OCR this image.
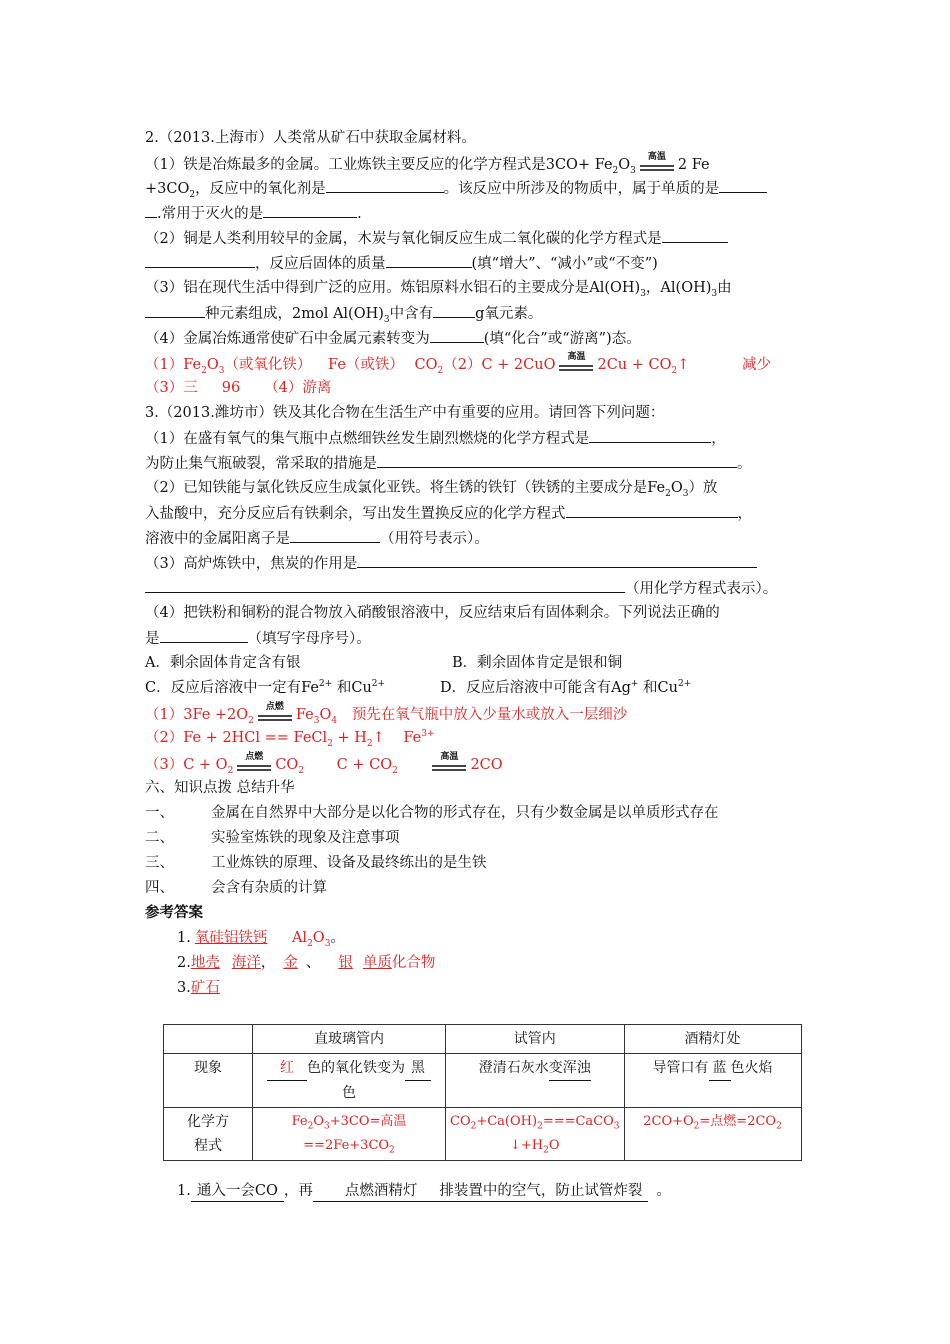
2.（2013.上海市）人类常从矿石中获取金属材料。
（1）铁是冶炼最多的金属。工业炼铁主要反应的化学方程式是$3CO+ Fe_2O_3$
高温 2 Fe
$+3CO_2$，反应中的氧化剂是	。该反应中所涉及的物质中，属于单质的是
.常用于灭火的是	.
（2）铜是人类利用较早的金属，木炭与氧化铜反应生成二氧化碳的化学方程式是
，反应后固体的质量	(填“增大”、“减小”或“不变”)
（3）铝在现代生活中得到广泛的应用。炼铝原料水铝石的主要成分是$Al(OH)_3$，$Al(OH)_3$由
种元素组成，2mol $Al(OH)_3$中含有	g氧元素。
（4）金属冶炼通常使矿石中金属元素转变为	(填“化合”或“游离”)态。
$(1)Fe_2O_3$（或氧化铁） Fe（或铁） $CO_2(2)C + 2CuO$	高温 $2Cu + CO_2↑$	减少
（3）三 96 （4）游离
3.（2013.潍坊市）铁及其化合物在生活生产中有重要的应用。请回答下列问题：
（1）在盛有氧气的集气瓶中点燃细铁丝发生剧烈燃烧的化学方程式是	，
为防止集气瓶破裂，常采取的措施是	。
（2）已知铁能与氯化铁反应生成氯化亚铁。将生锈的铁钉（铁锈的主要成分是$Fe_2O_3$）放
入盐酸中，充分反应后有铁剩余，写出发生置换反应的化学方程式	，
溶液中的金属阳离子是	（用符号表示）。
（3）高炉炼铁中，焦炭的作用是
（用化学方程式表示）。
（4）把铁粉和铜粉的混合物放入硝酸银溶液中，反应结束后有固体剩余。下列说法正确的
是	（填写字母序号）。
A．剩余固体肯定含有银	B．剩余固体肯定是银和铜
C．反应后溶液中一定有$Fe^{2+}$ 和$Cu^{2+}$	D．反应后溶液中可能含有Ag+ 和$Cu^{2+}$
$(1)3Fe +2O_2$
点燃 $Fe_3O_4$ 预先在氧气瓶中放入少量水或放入一层细沙
（2）Fe + 2HCl == FeCl$_2$ + $H_2↑$ $Fe^{3+}$
$(3)C + O_2$
点燃 $CO_2$ $C + CO_2$
高温 2CO
六、知识点拨 总结升华
一、	金属在自然界中大部分是以化合物的形式存在，只有少数金属是以单质形式存在
二、	实验室炼铁的现象及注意事项
三、	工业炼铁的原理、设备及最终练出的是生铁
四、	会含有杂质的计算
参考答案
1. 氧硅铝铁钙 $Al_2O_3$。
2.地壳 海洋， 金 、 银 单质化合物
3.矿石
	直玻璃管内	试管内	酒精灯处
现象	红 色的氧化铁变为 黑
色	澄清石灰水变浑浊	导管口有 蓝 色火焰
化学方
程式	$Fe_2O_3+3CO=$高温
$==2Fe+3CO_2$	$CO_2+Ca(OH)_2===CaCO_3$
$↓+H_2O$	$2CO+O_2=$点燃$=2CO_2$
1. 通入一会CO ，再 点燃酒精灯 排装置中的空气，防止试管炸裂 。
